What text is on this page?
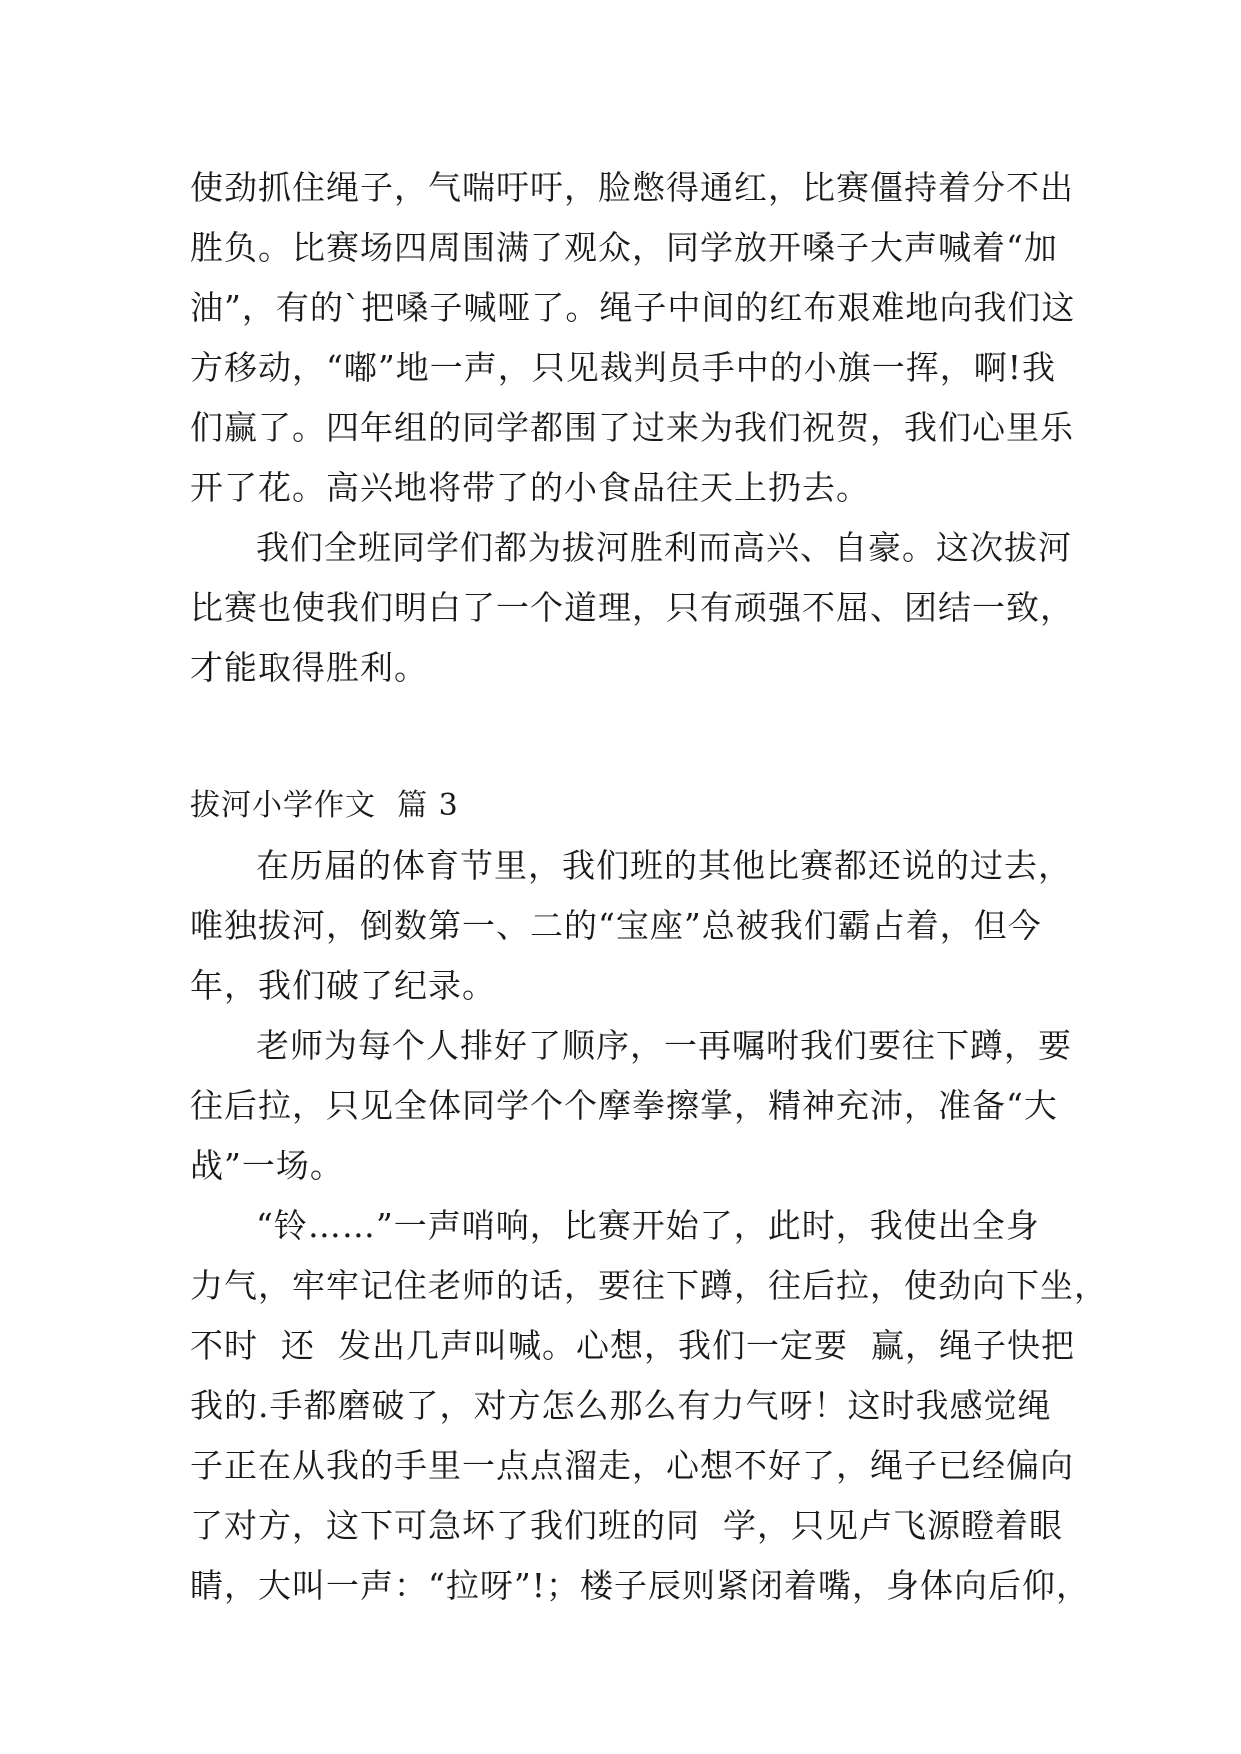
使劲抓住绳子，气喘吁吁，脸憋得通红，比赛僵持着分不出
胜负。比赛场四周围满了观众，同学放开嗓子大声喊着“加
油”，有的`把嗓子喊哑了。绳子中间的红布艰难地向我们这
方移动，“嘟”地一声，只见裁判员手中的小旗一挥，啊!我
们赢了。四年组的同学都围了过来为我们祝贺，我们心里乐
开了花。高兴地将带了的小食品往天上扔去。
我们全班同学们都为拔河胜利而高兴、自豪。这次拔河
比赛也使我们明白了一个道理，只有顽强不屈、团结一致，
才能取得胜利。
拔河小学作文  篇 3
在历届的体育节里，我们班的其他比赛都还说的过去，
唯独拔河，倒数第一、二的“宝座”总被我们霸占着，但今
年，我们破了纪录。
老师为每个人排好了顺序，一再嘱咐我们要往下蹲，要
往后拉，只见全体同学个个摩拳擦掌，精神充沛，准备“大
战”一场。
“铃……”一声哨响，比赛开始了，此时，我使出全身
力气，牢牢记住老师的话，要往下蹲，往后拉，使劲向下坐，
不时  还  发出几声叫喊。心想，我们一定要  赢，绳子快把
我的.手都磨破了，对方怎么那么有力气呀！这时我感觉绳
子正在从我的手里一点点溜走，心想不好了，绳子已经偏向
了对方，这下可急坏了我们班的同  学，只见卢飞源瞪着眼
睛，大叫一声：“拉呀”!；楼子辰则紧闭着嘴，身体向后仰，
